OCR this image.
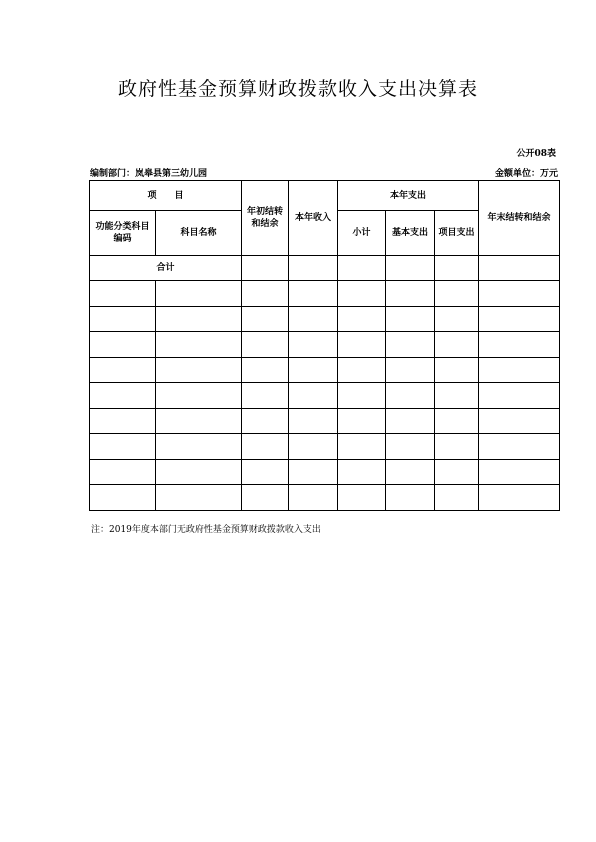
政府性基金预算财政拨款收入支出决算表
公开08表
编制部门：岚皋县第三幼儿园	金额单位：万元
项　　目		年初结转和结余	本年收入	本年支出			年末结转和结余
功能分类科目编码	科目名称			小计	基本支出	项目支出	
合计							

注：2019年度本部门无政府性基金预算财政拨款收入支出
